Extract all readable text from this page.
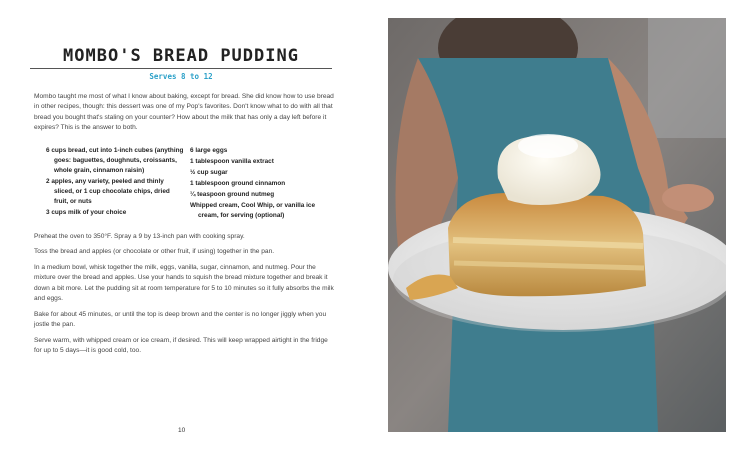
MOMBO'S BREAD PUDDING
Serves 8 to 12

Mombo taught me most of what I know about baking, except for bread. She did know how to use bread in other recipes, though: this dessert was one of my Pop's favorites. Don't know what to do with all that bread you bought that's staling on your counter? How about the milk that has only a day left before it expires? This is the answer to both.

6 cups bread, cut into 1-inch cubes (anything goes: baguettes, doughnuts, croissants, whole grain, cinnamon raisin)
2 apples, any variety, peeled and thinly sliced, or 1 cup chocolate chips, dried fruit, or nuts
3 cups milk of your choice
6 large eggs
1 tablespoon vanilla extract
½ cup sugar
1 tablespoon ground cinnamon
¼ teaspoon ground nutmeg
Whipped cream, Cool Whip, or vanilla ice cream, for serving (optional)

Preheat the oven to 350°F. Spray a 9 by 13-inch pan with cooking spray.

Toss the bread and apples (or chocolate or other fruit, if using) together in the pan.

In a medium bowl, whisk together the milk, eggs, vanilla, sugar, cinnamon, and nutmeg. Pour the mixture over the bread and apples. Use your hands to squish the bread mixture together and break it down a bit more. Let the pudding sit at room temperature for 5 to 10 minutes so it fully absorbs the milk and eggs.

Bake for about 45 minutes, or until the top is deep brown and the center is no longer jiggly when you jostle the pan.

Serve warm, with whipped cream or ice cream, if desired. This will keep wrapped airtight in the fridge for up to 5 days—it is good cold, too.

10
